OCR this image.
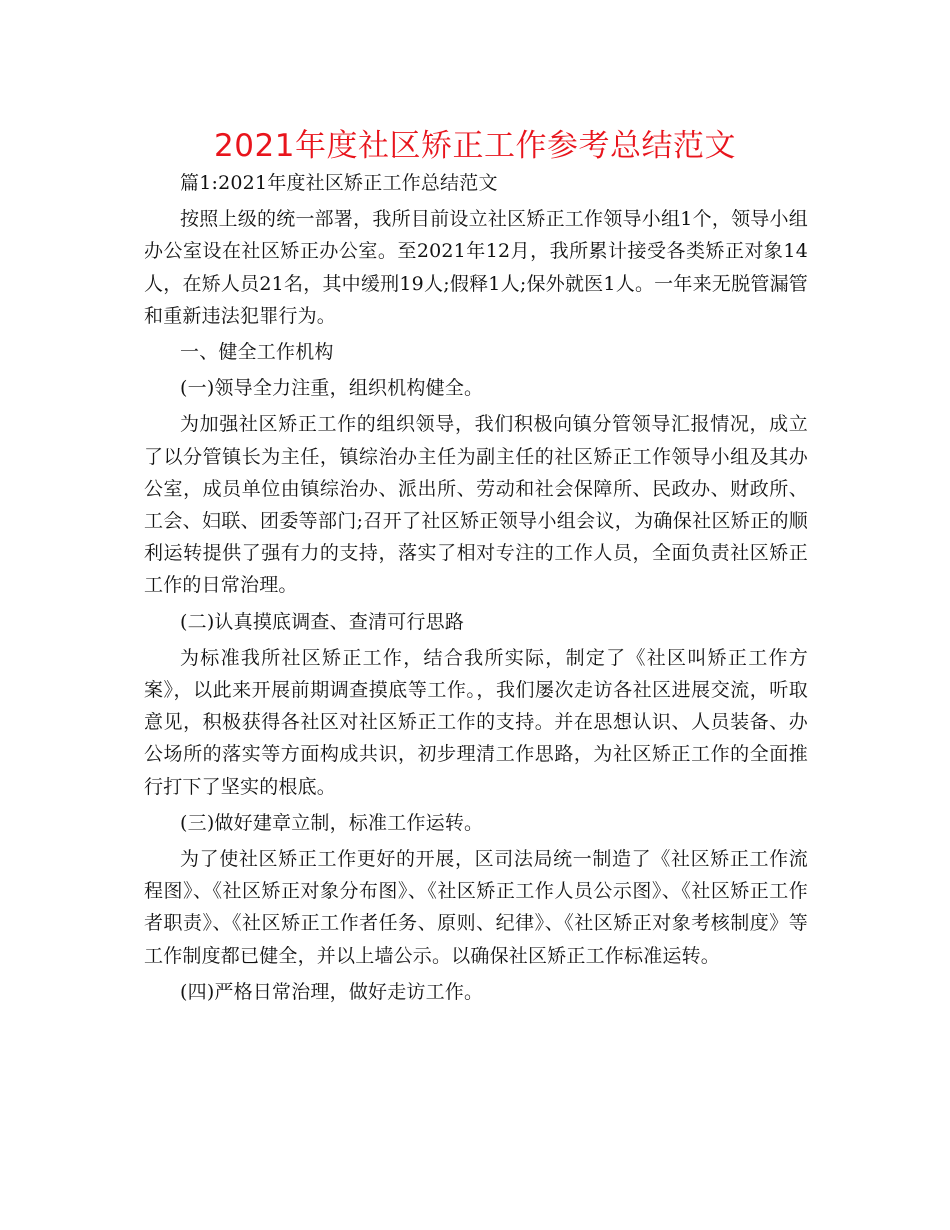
2021年度社区矫正工作参考总结范文

篇1:2021年度社区矫正工作总结范文

按照上级的统一部署，我所目前设立社区矫正工作领导小组1个，领导小组办公室设在社区矫正办公室。至2021年12月，我所累计接受各类矫正对象14人，在矫人员21名，其中缓刑19人;假释1人;保外就医1人。一年来无脱管漏管和重新违法犯罪行为。

一、健全工作机构

(一)领导全力注重，组织机构健全。

为加强社区矫正工作的组织领导，我们积极向镇分管领导汇报情况，成立了以分管镇长为主任，镇综治办主任为副主任的社区矫正工作领导小组及其办公室，成员单位由镇综治办、派出所、劳动和社会保障所、民政办、财政所、工会、妇联、团委等部门;召开了社区矫正领导小组会议，为确保社区矫正的顺利运转提供了强有力的支持，落实了相对专注的工作人员，全面负责社区矫正工作的日常治理。

(二)认真摸底调查、查清可行思路

为标准我所社区矫正工作，结合我所实际，制定了《社区叫矫正工作方案》，以此来开展前期调查摸底等工作。，我们屡次走访各社区进展交流，听取意见，积极获得各社区对社区矫正工作的支持。并在思想认识、人员装备、办公场所的落实等方面构成共识，初步理清工作思路，为社区矫正工作的全面推行打下了坚实的根底。

(三)做好建章立制，标准工作运转。

为了使社区矫正工作更好的开展，区司法局统一制造了《社区矫正工作流程图》、《社区矫正对象分布图》、《社区矫正工作人员公示图》、《社区矫正工作者职责》、《社区矫正工作者任务、原则、纪律》、《社区矫正对象考核制度》等工作制度都已健全，并以上墙公示。以确保社区矫正工作标准运转。

(四)严格日常治理，做好走访工作。
